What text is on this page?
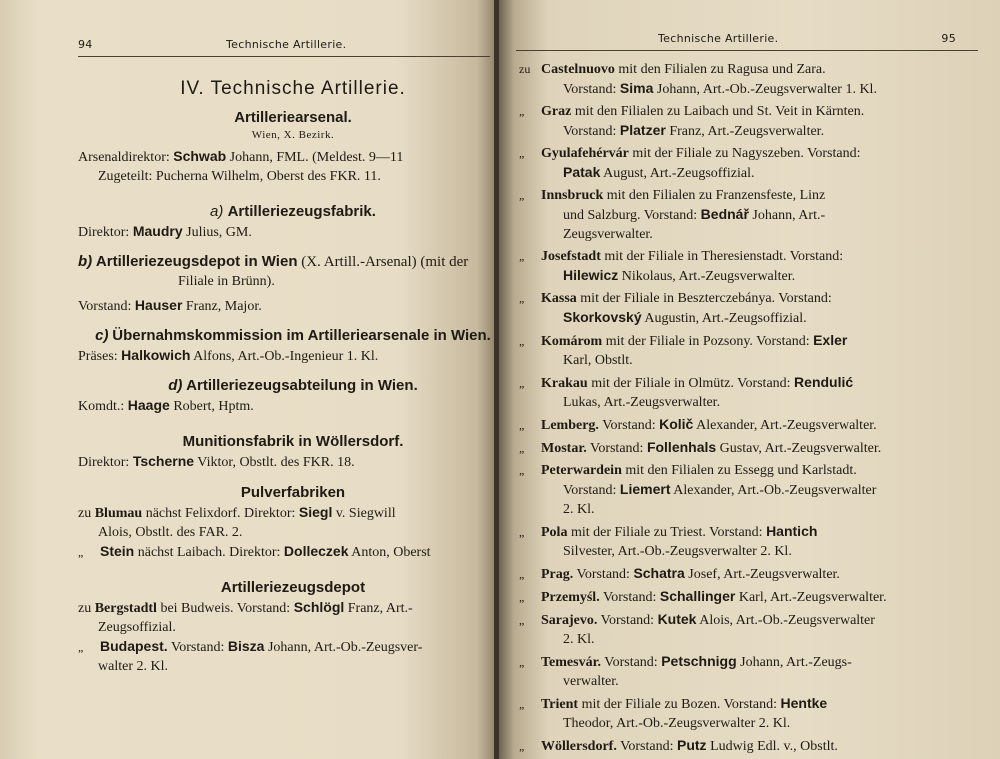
94	Technische Artillerie.
IV. Technische Artillerie.
Artilleriearsenal.
Wien, X. Bezirk.
Arsenaldirektor: Schwab Johann, FML. (Meldest. 9—11
Zugeteilt: Pucherna Wilhelm, Oberst des FKR. 11.
a) Artilleriezeugsfabrik.
Direktor: Maudry Julius, GM.
b) Artilleriezeugsdepot in Wien (X. Artill.-Arsenal) (mit der
Filiale in Brünn).
Vorstand: Hauser Franz, Major.
c) Übernahmskommission im Artilleriearsenale in Wien.
Präses: Halkowich Alfons, Art.-Ob.-Ingenieur 1. Kl.
d) Artilleriezeugsabteilung in Wien.
Komdt.: Haage Robert, Hptm.
Munitionsfabrik in Wöllersdorf.
Direktor: Tscherne Viktor, Obstlt. des FKR. 18.
Pulverfabriken
zu Blumau nächst Felixdorf. Direktor: Siegl v. Siegwill
Alois, Obstlt. des FAR. 2.
„ Stein nächst Laibach. Direktor: Dolleczek Anton, Oberst
Artilleriezeugsdepot
zu Bergstadtl bei Budweis. Vorstand: Schlögl Franz, Art.-
Zeugsoffizial.
„ Budapest. Vorstand: Bisza Johann, Art.-Ob.-Zeugsver-
walter 2. Kl.
Technische Artillerie.	95
zu Castelnuovo mit den Filialen zu Ragusa und Zara.
Vorstand: Sima Johann, Art.-Ob.-Zeugsverwalter 1. Kl.
„ Graz mit den Filialen zu Laibach und St. Veit in Kärnten.
Vorstand: Platzer Franz, Art.-Zeugsverwalter.
„ Gyulafehérvár mit der Filiale zu Nagyszeben. Vorstand:
Patak August, Art.-Zeugsoffizial.
„ Innsbruck mit den Filialen zu Franzensfeste, Linz
und Salzburg. Vorstand: Bednář Johann, Art.-
Zeugsverwalter.
„ Josefstadt mit der Filiale in Theresienstadt. Vorstand:
Hilewicz Nikolaus, Art.-Zeugsverwalter.
„ Kassa mit der Filiale in Beszterczebánya. Vorstand:
Skorkovský Augustin, Art.-Zeugsoffizial.
„ Komárom mit der Filiale in Pozsony. Vorstand: Exler
Karl, Obstlt.
„ Krakau mit der Filiale in Olmütz. Vorstand: Rendulić
Lukas, Art.-Zeugsverwalter.
„ Lemberg. Vorstand: Količ Alexander, Art.-Zeugsverwalter.
„ Mostar. Vorstand: Follenhals Gustav, Art.-Zeugsverwalter.
„ Peterwardein mit den Filialen zu Essegg und Karlstadt.
Vorstand: Liemert Alexander, Art.-Ob.-Zeugsverwalter
2. Kl.
„ Pola mit der Filiale zu Triest. Vorstand: Hantich
Silvester, Art.-Ob.-Zeugsverwalter 2. Kl.
„ Prag. Vorstand: Schatra Josef, Art.-Zeugsverwalter.
„ Przemyśl. Vorstand: Schallinger Karl, Art.-Zeugsverwalter.
„ Sarajevo. Vorstand: Kutek Alois, Art.-Ob.-Zeugsverwalter
2. Kl.
„ Temesvár. Vorstand: Petschnigg Johann, Art.-Zeugs-
verwalter.
„ Trient mit der Filiale zu Bozen. Vorstand: Hentke
Theodor, Art.-Ob.-Zeugsverwalter 2. Kl.
„ Wöllersdorf. Vorstand: Putz Ludwig Edl. v., Obstlt.
